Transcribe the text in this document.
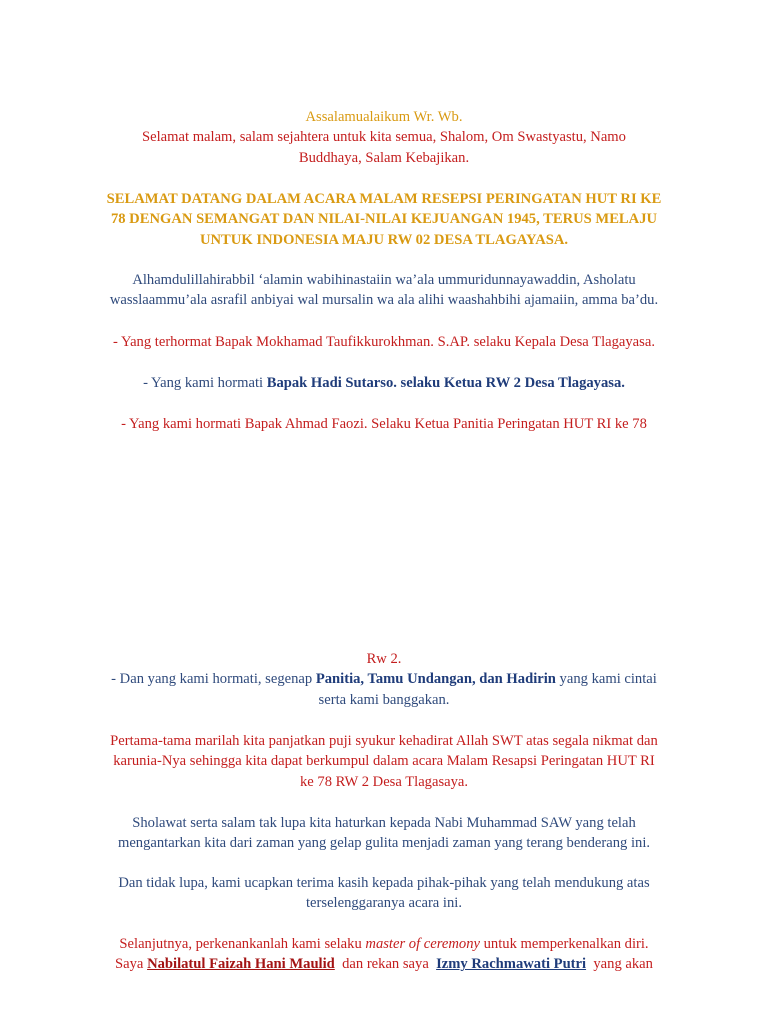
Assalamualaikum Wr. Wb.

Selamat malam, salam sejahtera untuk kita semua, Shalom, Om Swastyastu, Namo

Buddhaya, Salam Kebajikan.

SELAMAT DATANG DALAM ACARA MALAM RESEPSI PERINGATAN HUT RI KE

78 DENGAN SEMANGAT DAN NILAI-NILAI KEJUANGAN 1945, TERUS MELAJU

UNTUK INDONESIA MAJU RW 02 DESA TLAGAYASA.

Alhamdulillahirabbil ‘alamin wabihinastaiin wa’ala ummuridunnayawaddin, Asholatu

wasslaammu’ala asrafil anbiyai wal mursalin wa ala alihi waashahbihi ajamaiin, amma ba’du.

- Yang terhormat Bapak Mokhamad Taufikkurokhman. S.AP. selaku Kepala Desa Tlagayasa.

- Yang kami hormati Bapak Hadi Sutarso. selaku Ketua RW 2 Desa Tlagayasa.

- Yang kami hormati Bapak Ahmad Faozi. Selaku Ketua Panitia Peringatan HUT RI ke 78

Rw 2.

- Dan yang kami hormati, segenap Panitia, Tamu Undangan, dan Hadirin yang kami cintai

serta kami banggakan.

Pertama-tama marilah kita panjatkan puji syukur kehadirat Allah SWT atas segala nikmat dan

karunia-Nya sehingga kita dapat berkumpul dalam acara Malam Resapsi Peringatan HUT RI

ke 78 RW 2 Desa Tlagasaya.

Sholawat serta salam tak lupa kita haturkan kepada Nabi Muhammad SAW yang telah

mengantarkan kita dari zaman yang gelap gulita menjadi zaman yang terang benderang ini.

Dan tidak lupa, kami ucapkan terima kasih kepada pihak-pihak yang telah mendukung atas

terselenggaranya acara ini.

Selanjutnya, perkenankanlah kami selaku master of ceremony untuk memperkenalkan diri.

Saya Nabilatul Faizah Hani Maulid  dan rekan saya  Izmy Rachmawati Putri  yang akan
